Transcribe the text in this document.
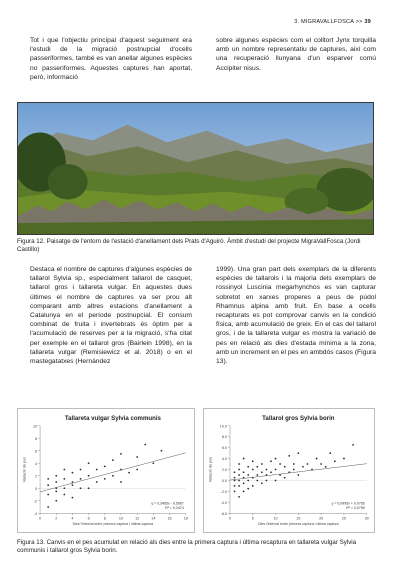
3. MIGRAVALLFOSCA >> 39

Tot i que l'objectiu principal d'aquest seguiment era l'estudi de la migració postnupcial d'ocells passeriformes, també es van anellar algunes espècies no passeriformes. Aquestes captures han aportat, però, informació

sobre algunes espècies com el colltort Jynx torquilla amb un nombre representatiu de captures, així com una recuperació llunyana d'un esparver comú Accipiter nisus.

Figura 12. Paisatge de l'entorn de l'estació d'anellament dels Prats d'Aguiró. Àmbit d'estudi del projecte MigraVallFosca (Jordi Castillo)

Destaca el nombre de captures d'algunes espècies de tallarol Sylvia sp., especialment tallarol de casquet, tallarol gros i tallareta vulgar. En aquestes dues últimes el nombre de captures va ser prou alt comparant amb altres estacions d'anellament a Catalunya en el període postnupcial. El consum combinat de fruita i invertebrats és òptim per a l'acumulació de reserves per a la migració, s'ha citat per exemple en el tallarol gros (Bairlein 1998), en la tallareta vulgar (Remisiewicz et al. 2018) o en el mastegatatxes (Hernández

1999). Una gran part dels exemplars de la diferents espècies de tallarols i la majoria dels exemplars de rossinyol Luscinia megarhynchos es van capturar sobretot en xarxes properes a peus de púdol Rhamnus alpina amb fruit. En base a ocells recapturats es pot comprovar canvis en la condició física, amb acumulació de greix. En el cas del tallarol gros, i de la tallareta vulgar es mostra la variació de pes en relació als dies d'estada mínima a la zona, amb un increment en el pes en ambdós casos (Figura 13).

Tallareta vulgar Sylvia communis
-4
-2
0
2
4
6
8
10
0	2	4	6	8	10	12	14	16	18
Dies l'interval entre primera captura i última captura
Variació de pes
y = 0,3465x - 0,5667
R² = 0,2474
Tallarol gros Sylvia borin
-6.0
-4.0
-2.0
0.0
2.0
4.0
6.0
8.0
10.0
0	5	10	15	20	25	30
Dies l'interval entre primera captura i última captura
Variació de pes
y = 0,0995x + 0,0765
R² = 0,0759

Figura 13. Canvis en el pes acumulat en relació als dies entre la primera captura i última recaptura en tallareta vulgar Sylvia communis i tallarol gros Sylvia borin.
